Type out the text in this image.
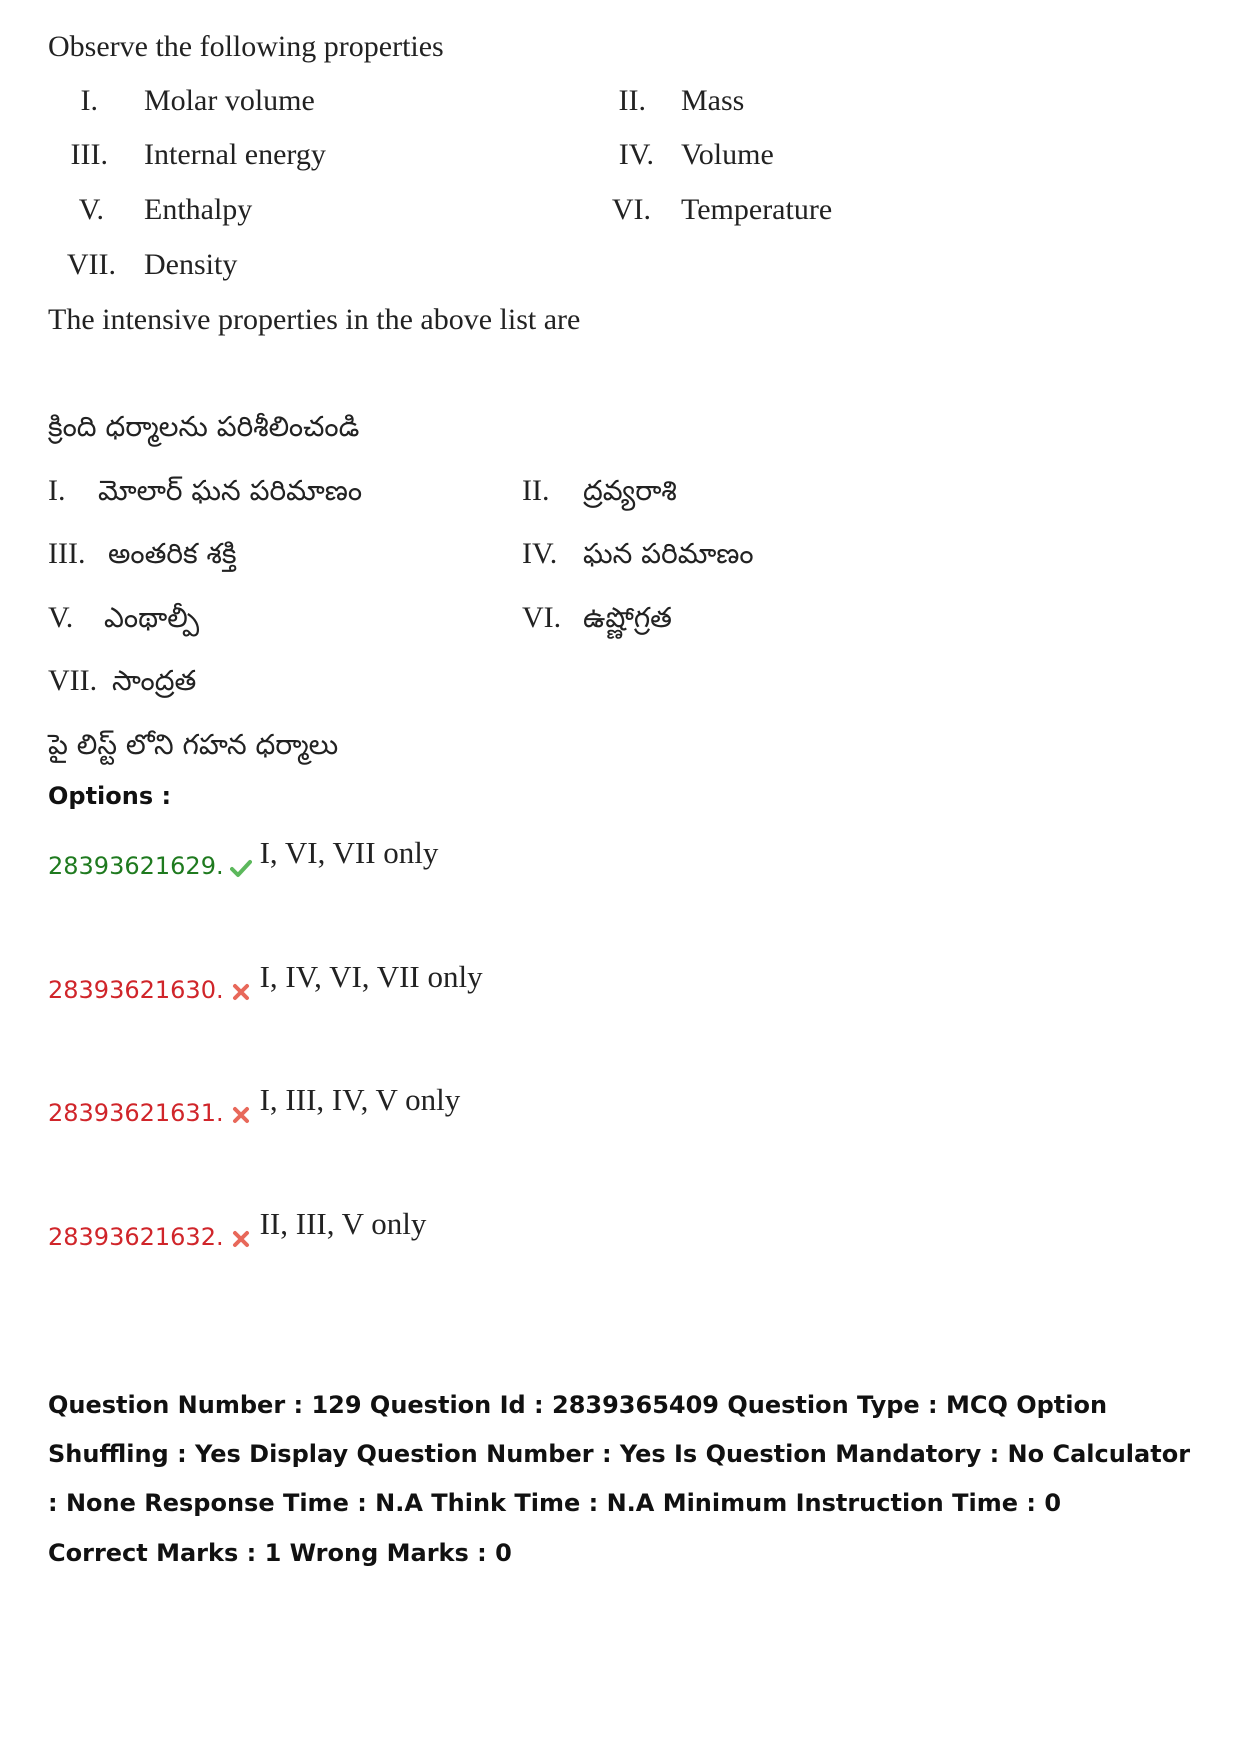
Observe the following properties
I. Molar volume	II. Mass
III. Internal energy	IV. Volume
V. Enthalpy	VI. Temperature
VII. Density
The intensive properties in the above list are
క్రింది ధర్మాలను పరిశీలించండి
I. మోలార్ ఘన పరిమాణం	II. ద్రవ్యరాశి
III. అంతరిక శక్తి	IV. ఘన పరిమాణం
V. ఎంథాల్పీ	VI. ఉష్ణోగ్రత
VII. సాంద్రత
పై లిస్ట్ లోని గహన ధర్మాలు
Options :
28393621629. I, VI, VII only
28393621630. I, IV, VI, VII only
28393621631. I, III, IV, V only
28393621632. II, III, V only
Question Number : 129 Question Id : 2839365409 Question Type : MCQ Option Shuffling : Yes Display Question Number : Yes Is Question Mandatory : No Calculator : None Response Time : N.A Think Time : N.A Minimum Instruction Time : 0
Correct Marks : 1 Wrong Marks : 0
